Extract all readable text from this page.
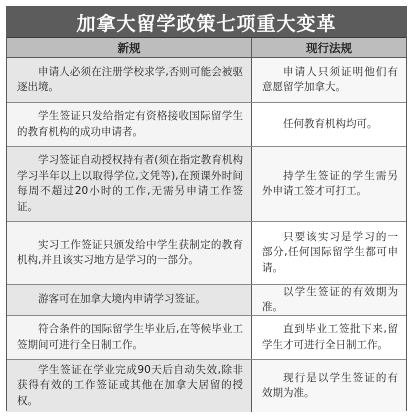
加拿大留学政策七项重大变革
新规	现行法规
申请人必须在注册学校求学,否则可能会被驱逐出境。
申请人只须证明他们有意愿留学加拿大。
学生签证只发给指定有资格接收国际留学生的教育机构的成功申请者。
任何教育机构均可。
学习签证自动授权持有者(须在指定教育机构学习半年以上以取得学位,文凭等),在预课外时间每周不超过20小时的工作,无需另申请工作签证。
持学生签证的学生需另外申请工签才可打工。
实习工作签证只颁发给中学生获制定的教育机构,并且该实习地方是学习的一部分。
只要该实习是学习的一部分,任何国际留学生都可申请。
游客可在加拿大境内申请学习签证。
以学生签证的有效期为准。
符合条件的国际留学生毕业后,在等候毕业工签期间可进行全日制工作。
直到毕业工签批下来,留学生才可进行全日制工作。
学生签证在学业完成90天后自动失效,除非获得有效的工作签证或其他在加拿大居留的授权。
现行是以学生签证的有效期为准。
